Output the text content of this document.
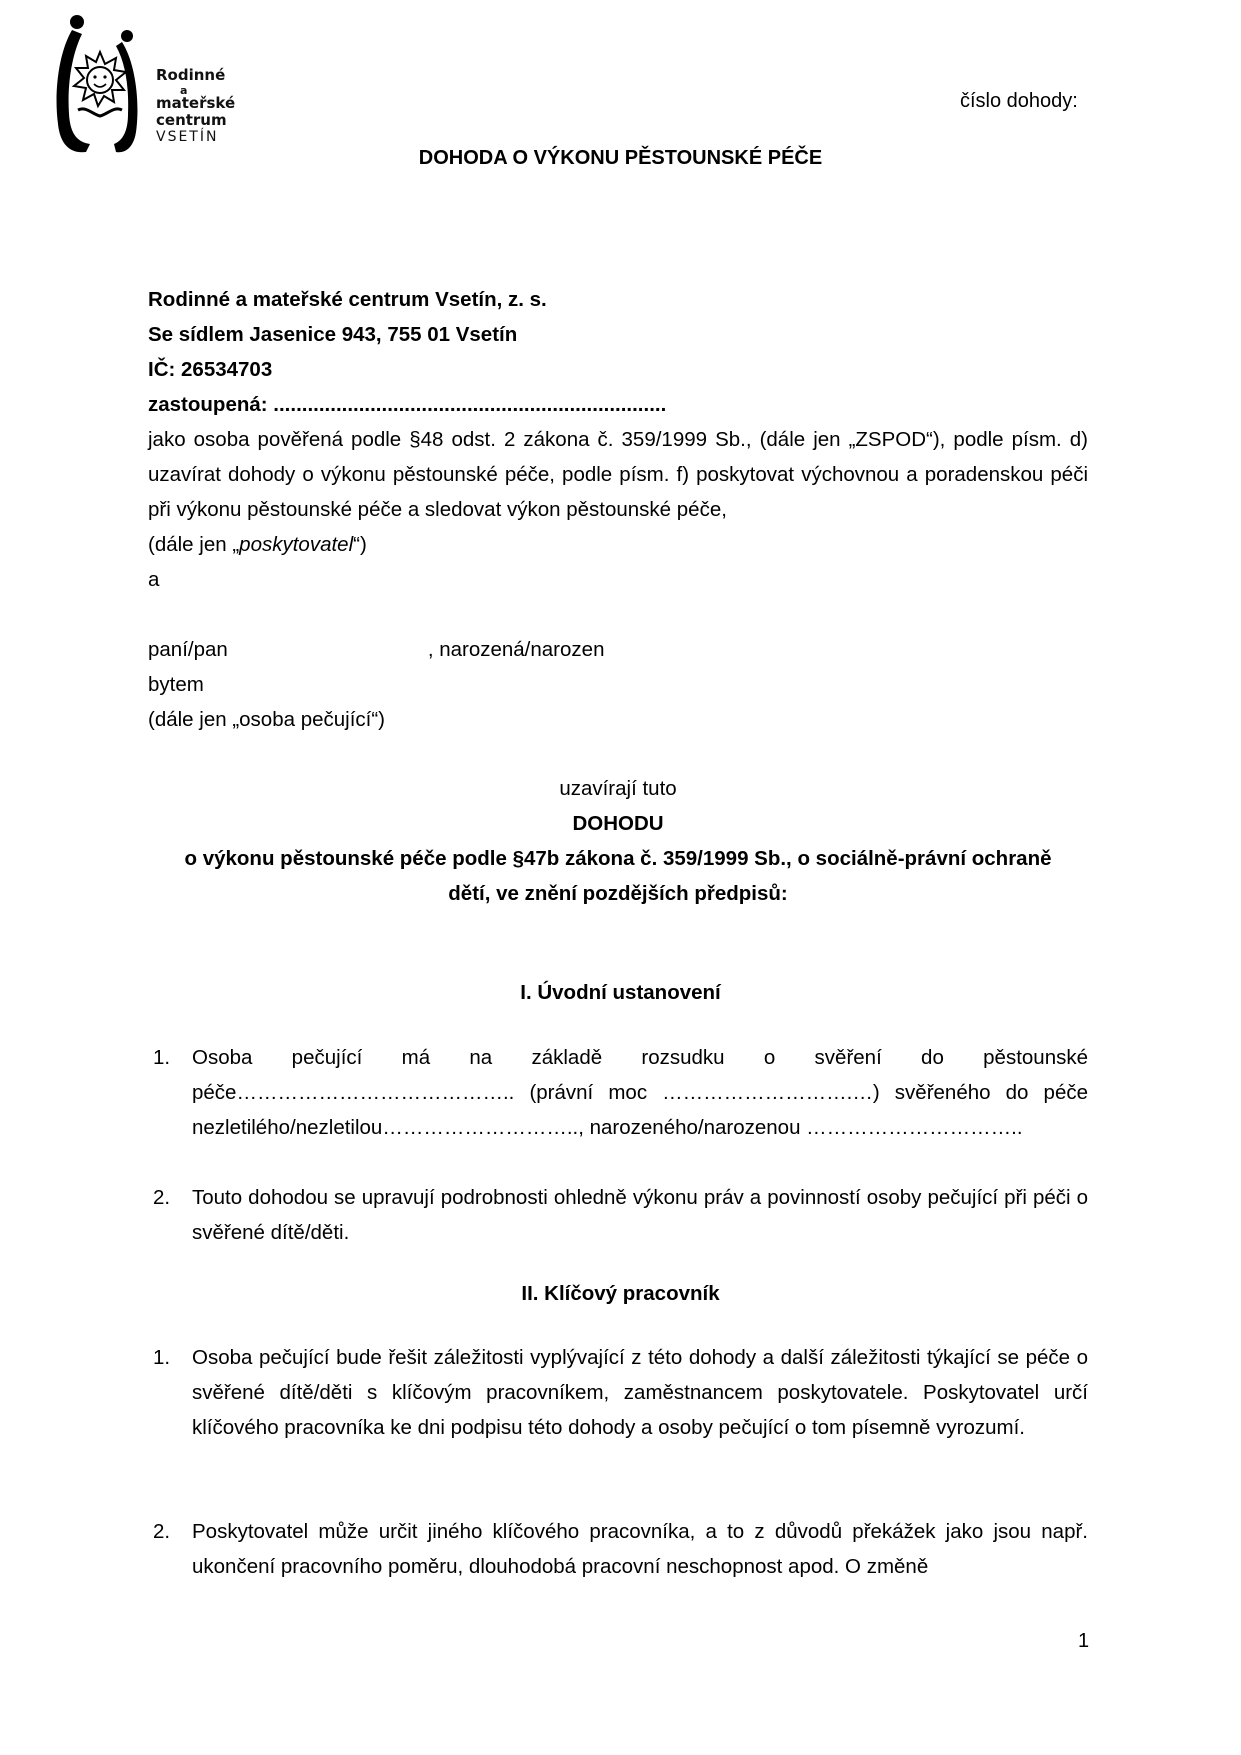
Rodinné
a
mateřské
centrum
VSETÍN
číslo dohody:
DOHODA O VÝKONU PĚSTOUNSKÉ PÉČE
Rodinné a mateřské centrum Vsetín, z. s.
Se sídlem Jasenice 943, 755 01 Vsetín
IČ: 26534703
zastoupená: .....................................................................
jako osoba pověřená podle §48 odst. 2 zákona č. 359/1999 Sb., (dále jen „ZSPOD“), podle písm. d) uzavírat dohody o výkonu pěstounské péče, podle písm. f) poskytovat výchovnou a poradenskou péči při výkonu pěstounské péče a sledovat výkon pěstounské péče,
(dále jen „poskytovatel“)
a
paní/pan	, narozená/narozen
bytem
(dále jen „osoba pečující“)
uzavírají tuto
DOHODU
o výkonu pěstounské péče podle §47b zákona č. 359/1999 Sb., o sociálně-právní ochraně
dětí, ve znění pozdějších předpisů:
I. Úvodní ustanovení
1.	Osoba pečující má na základě rozsudku o svěření do pěstounské péče………………………………….. (právní moc ……………………….…) svěřeného do péče nezletilého/nezletilou……………………….., narozeného/narozenou …………………………..
2.	Touto dohodou se upravují podrobnosti ohledně výkonu práv a povinností osoby pečující při péči o svěřené dítě/děti.
II. Klíčový pracovník
1.	Osoba pečující bude řešit záležitosti vyplývající z této dohody a další záležitosti týkající se péče o svěřené dítě/děti s klíčovým pracovníkem, zaměstnancem poskytovatele. Poskytovatel určí klíčového pracovníka ke dni podpisu této dohody a osoby pečující o tom písemně vyrozumí.
2.	Poskytovatel může určit jiného klíčového pracovníka, a to z důvodů překážek jako jsou např. ukončení pracovního poměru, dlouhodobá pracovní neschopnost apod. O změně
1
